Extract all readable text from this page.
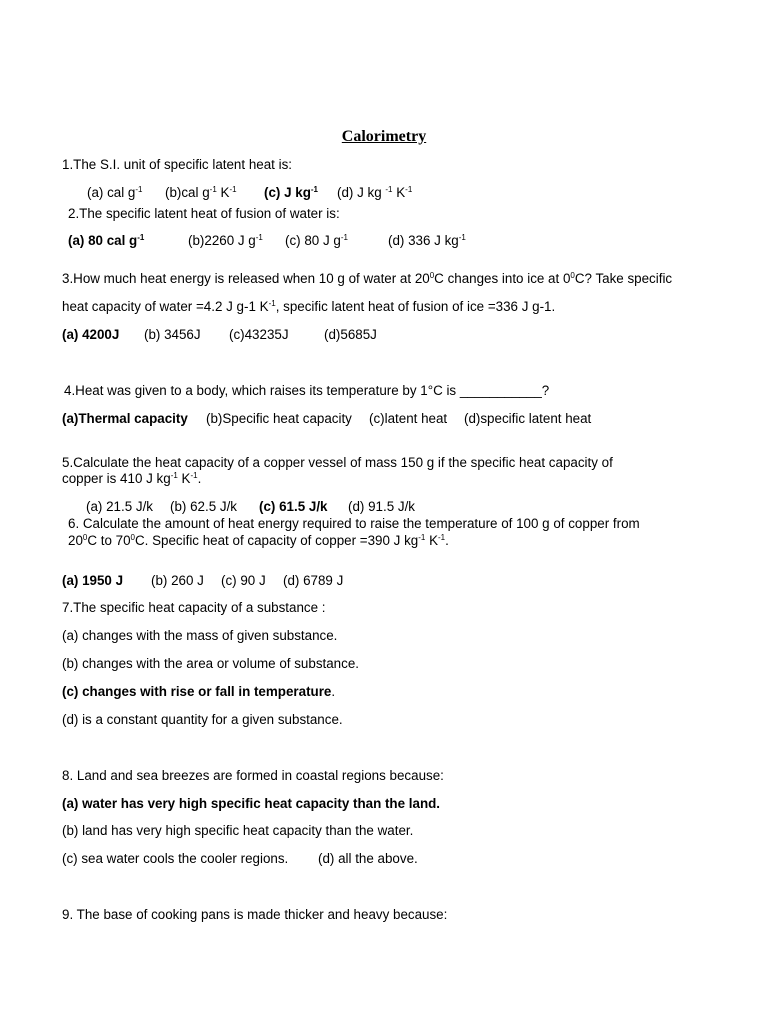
Calorimetry
1.The S.I. unit of specific latent heat is:
(a) cal $g^{-1}$ (b)cal $g^{-1}$ $K^{-1}$ (c) J $kg^{-1}$ (d) J kg $^{-1}$ $K^{-1}$
2.The specific latent heat of fusion of water is:
(a) 80 cal $g^{-1}$	(b)2260 J $g^{-1}$ (c) 80 J $g^{-1}$	(d) 336 J $kg^{-1}$
3.How much heat energy is released when 10 g of water at $20^0C$ changes into ice at $0^0C$? Take specific
heat capacity of water =4.2 J g-1 $K^{-1}$, specific latent heat of fusion of ice =336 J g-1.
(a) 4200J (b) 3456J (c)43235J	(d)5685J
4.Heat was given to a body, which raises its temperature by 1°C is ___________?
(a)Thermal capacity (b)Specific heat capacity (c)latent heat (d)specific latent heat
5.Calculate the heat capacity of a copper vessel of mass 150 g if the specific heat capacity of
copper is 410 J $kg^{-1}$ $K^{-1}$.
(a) 21.5 J/k (b) 62.5 J/k (c) 61.5 J/k (d) 91.5 J/k
6. Calculate the amount of heat energy required to raise the temperature of 100 g of copper from
$20^0C$ to $70^0C$. Specific heat of capacity of copper =390 J $kg^{-1}$ $K^{-1}$.
(a) 1950 J (b) 260 J (c) 90 J (d) 6789 J
7.The specific heat capacity of a substance :
(a) changes with the mass of given substance.
(b) changes with the area or volume of substance.
(c) changes with rise or fall in temperature.
(d) is a constant quantity for a given substance.
8. Land and sea breezes are formed in coastal regions because:
(a) water has very high specific heat capacity than the land.
(b) land has very high specific heat capacity than the water.
(c) sea water cools the cooler regions. (d) all the above.
9. The base of cooking pans is made thicker and heavy because:
